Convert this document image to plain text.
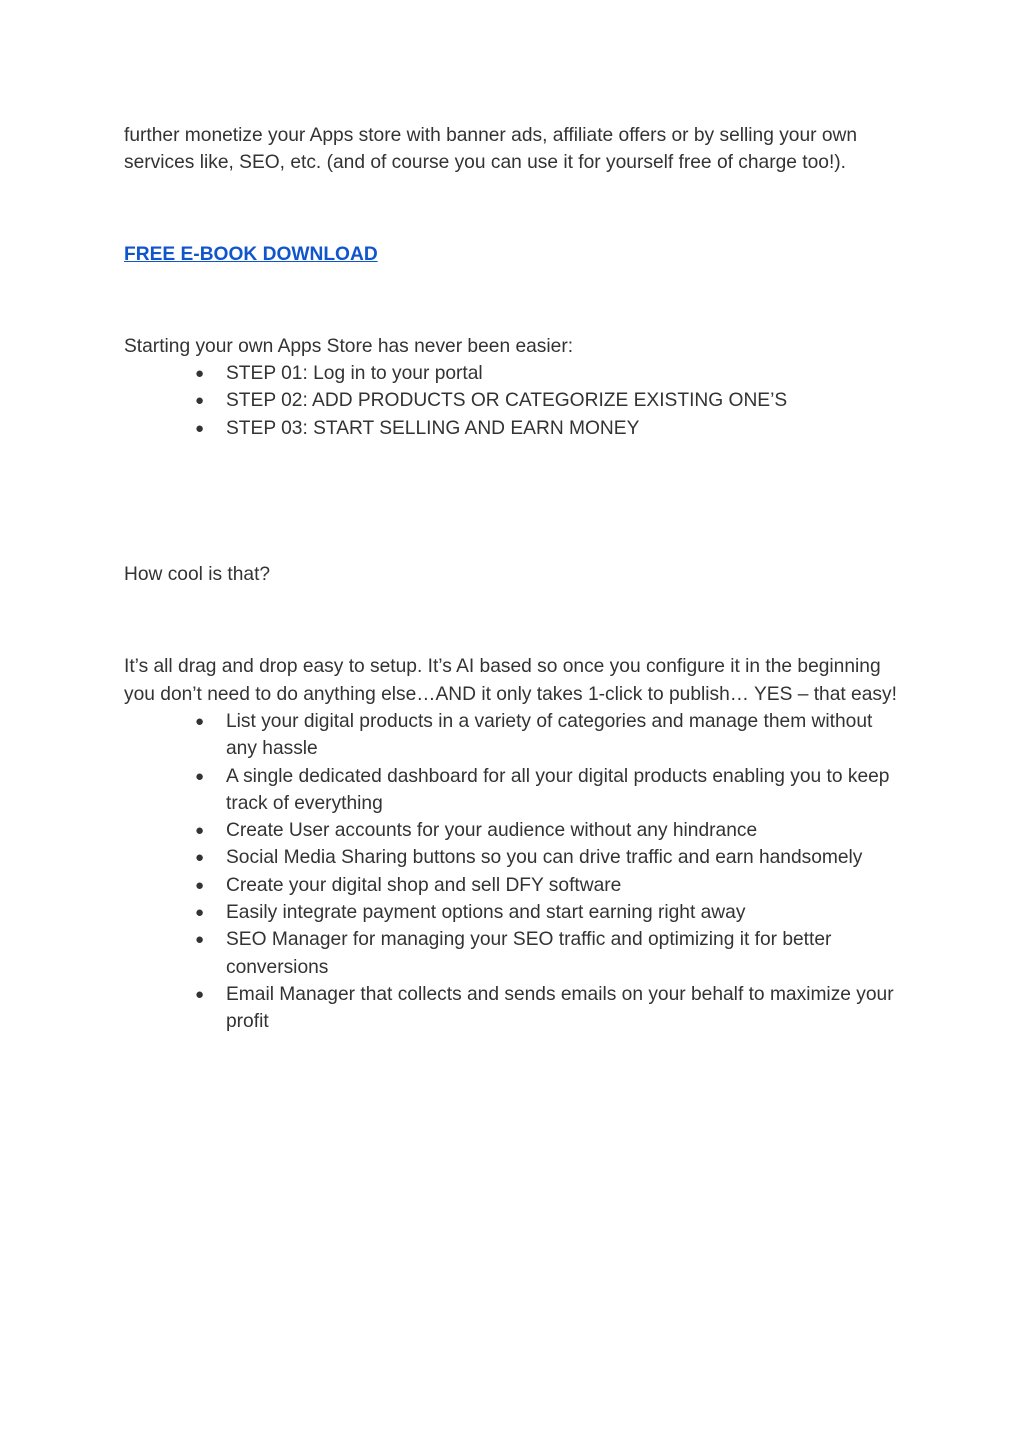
further monetize your Apps store with banner ads, affiliate offers or by selling your own services like, SEO, etc. (and of course you can use it for yourself free of charge too!).

FREE E-BOOK DOWNLOAD

Starting your own Apps Store has never been easier:

● STEP 01: Log in to your portal
● STEP 02: ADD PRODUCTS OR CATEGORIZE EXISTING ONE’S
● STEP 03: START SELLING AND EARN MONEY

How cool is that?

It’s all drag and drop easy to setup. It’s AI based so once you configure it in the beginning you don’t need to do anything else…AND it only takes 1-click to publish… YES – that easy!

● List your digital products in a variety of categories and manage them without any hassle
● A single dedicated dashboard for all your digital products enabling you to keep track of everything
● Create User accounts for your audience without any hindrance
● Social Media Sharing buttons so you can drive traffic and earn handsomely
● Create your digital shop and sell DFY software
● Easily integrate payment options and start earning right away
● SEO Manager for managing your SEO traffic and optimizing it for better conversions
● Email Manager that collects and sends emails on your behalf to maximize your profit
